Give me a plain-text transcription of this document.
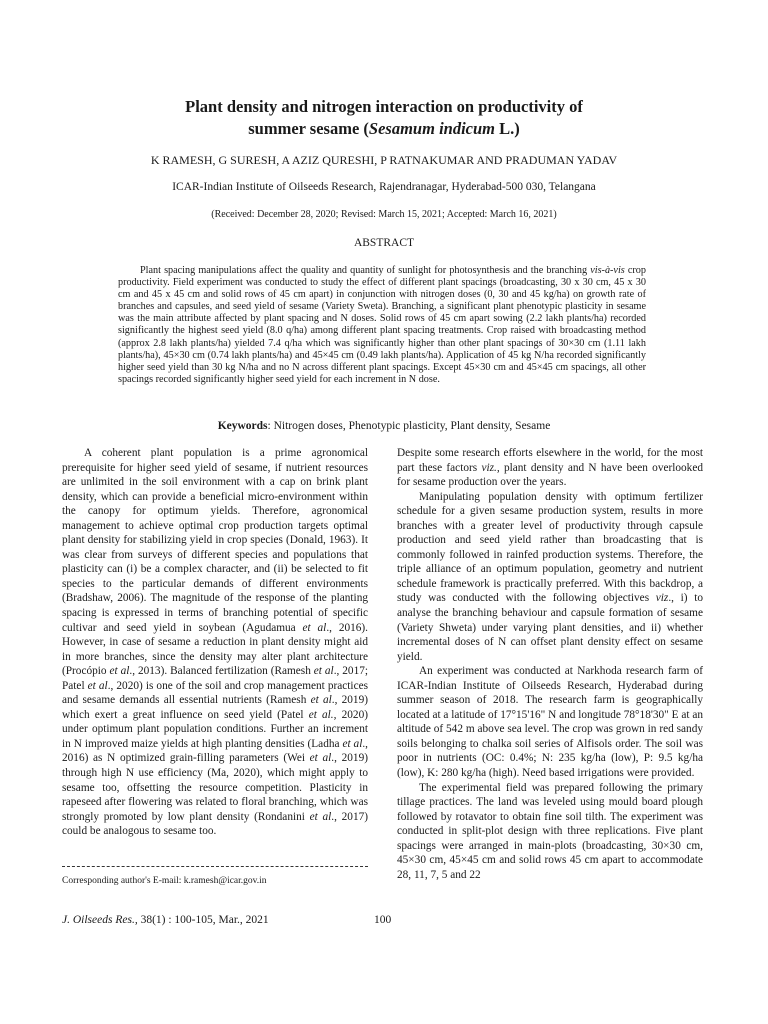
Plant density and nitrogen interaction on productivity of
summer sesame (Sesamum indicum L.)
K RAMESH, G SURESH, A AZIZ QURESHI, P RATNAKUMAR AND PRADUMAN YADAV
ICAR-Indian Institute of Oilseeds Research, Rajendranagar, Hyderabad-500 030, Telangana
(Received: December 28, 2020; Revised: March 15, 2021; Accepted: March 16, 2021)
ABSTRACT

Plant spacing manipulations affect the quality and quantity of sunlight for photosynthesis and the branching vis-à-vis crop productivity. Field experiment was conducted to study the effect of different plant spacings (broadcasting, 30 x 30 cm, 45 x 30 cm and 45 x 45 cm and solid rows of 45 cm apart) in conjunction with nitrogen doses (0, 30 and 45 kg/ha) on growth rate of branches and capsules, and seed yield of sesame (Variety Sweta). Branching, a significant plant phenotypic plasticity in sesame was the main attribute affected by plant spacing and N doses. Solid rows of 45 cm apart sowing (2.2 lakh plants/ha) recorded significantly the highest seed yield (8.0 q/ha) among different plant spacing treatments. Crop raised with broadcasting method (approx 2.8 lakh plants/ha) yielded 7.4 q/ha which was significantly higher than other plant spacings of 30×30 cm (1.11 lakh plants/ha), 45×30 cm (0.74 lakh plants/ha) and 45×45 cm (0.49 lakh plants/ha). Application of 45 kg N/ha recorded significantly higher seed yield than 30 kg N/ha and no N across different plant spacings. Except 45×30 cm and 45×45 cm spacings, all other spacings recorded significantly higher seed yield for each increment in N dose.

Keywords: Nitrogen doses, Phenotypic plasticity, Plant density, Sesame

A coherent plant population is a prime agronomical prerequisite for higher seed yield of sesame, if nutrient resources are unlimited in the soil environment with a cap on brink plant density, which can provide a beneficial micro-environment within the canopy for optimum yields. Therefore, agronomical management to achieve optimal crop production targets optimal plant density for stabilizing yield in crop species (Donald, 1963). It was clear from surveys of different species and populations that plasticity can (i) be a complex character, and (ii) be selected to fit species to the particular demands of different environments (Bradshaw, 2006). The magnitude of the response of the planting spacing is expressed in terms of branching potential of specific cultivar and seed yield in soybean (Agudamua et al., 2016). However, in case of sesame a reduction in plant density might aid in more branches, since the density may alter plant architecture (Procópio et al., 2013). Balanced fertilization (Ramesh et al., 2017; Patel et al., 2020) is one of the soil and crop management practices and sesame demands all essential nutrients (Ramesh et al., 2019) which exert a great influence on seed yield (Patel et al., 2020) under optimum plant population conditions. Further an increment in N improved maize yields at high planting densities (Ladha et al., 2016) as N optimized grain-filling parameters (Wei et al., 2019) through high N use efficiency (Ma, 2020), which might apply to sesame too, offsetting the resource competition. Plasticity in rapeseed after flowering was related to floral branching, which was strongly promoted by low plant density (Rondanini et al., 2017) could be analogous to sesame too.

Despite some research efforts elsewhere in the world, for the most part these factors viz., plant density and N have been overlooked for sesame production over the years.

Manipulating population density with optimum fertilizer schedule for a given sesame production system, results in more branches with a greater level of productivity through capsule production and seed yield rather than broadcasting that is commonly followed in rainfed production systems. Therefore, the triple alliance of an optimum population, geometry and nutrient schedule framework is practically preferred. With this backdrop, a study was conducted with the following objectives viz., i) to analyse the branching behaviour and capsule formation of sesame (Variety Shweta) under varying plant densities, and ii) whether incremental doses of N can offset plant density effect on sesame yield.

An experiment was conducted at Narkhoda research farm of ICAR-Indian Institute of Oilseeds Research, Hyderabad during summer season of 2018. The research farm is geographically located at a latitude of 17°15'16" N and longitude 78°18'30" E at an altitude of 542 m above sea level. The crop was grown in red sandy soils belonging to chalka soil series of Alfisols order. The soil was poor in nutrients (OC: 0.4%; N: 235 kg/ha (low), P: 9.5 kg/ha (low), K: 280 kg/ha (high). Need based irrigations were provided.

The experimental field was prepared following the primary tillage practices. The land was leveled using mould board plough followed by rotavator to obtain fine soil tilth. The experiment was conducted in split-plot design with three replications. Five plant spacings were arranged in main-plots (broadcasting, 30×30 cm, 45×30 cm, 45×45 cm and solid rows 45 cm apart to accommodate 28, 11, 7, 5 and 22

Corresponding author's E-mail: k.ramesh@icar.gov.in
J. Oilseeds Res., 38(1) : 100-105, Mar., 2021	100
